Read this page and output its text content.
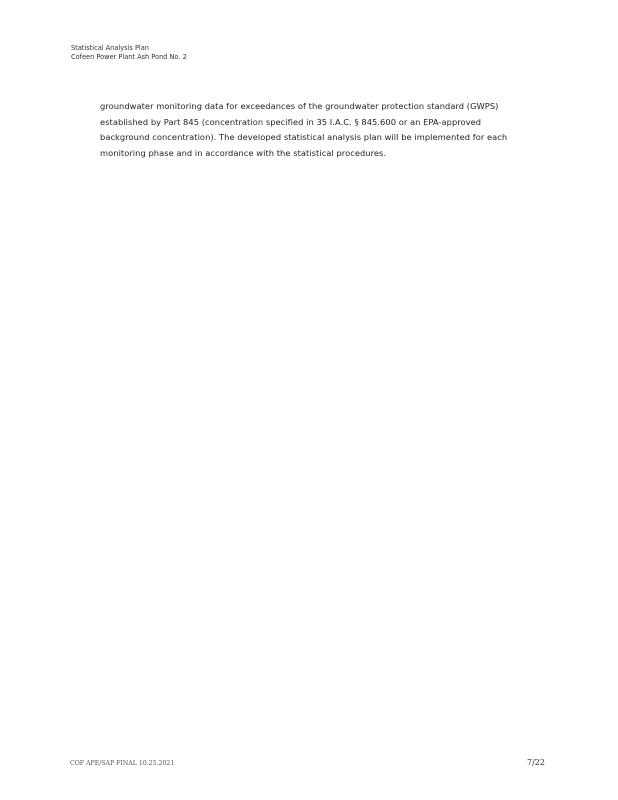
Statistical Analysis Plan
Cofeen Power Plant Ash Pond No. 2
groundwater monitoring data for exceedances of the groundwater protection standard (GWPS)
established by Part 845 (concentration specified in 35 I.A.C. § 845.600 or an EPA-approved
background concentration). The developed statistical analysis plan will be implemented for each
monitoring phase and in accordance with the statistical procedures.
COF APE/SAP FINAL 10.25.2021	7/22
